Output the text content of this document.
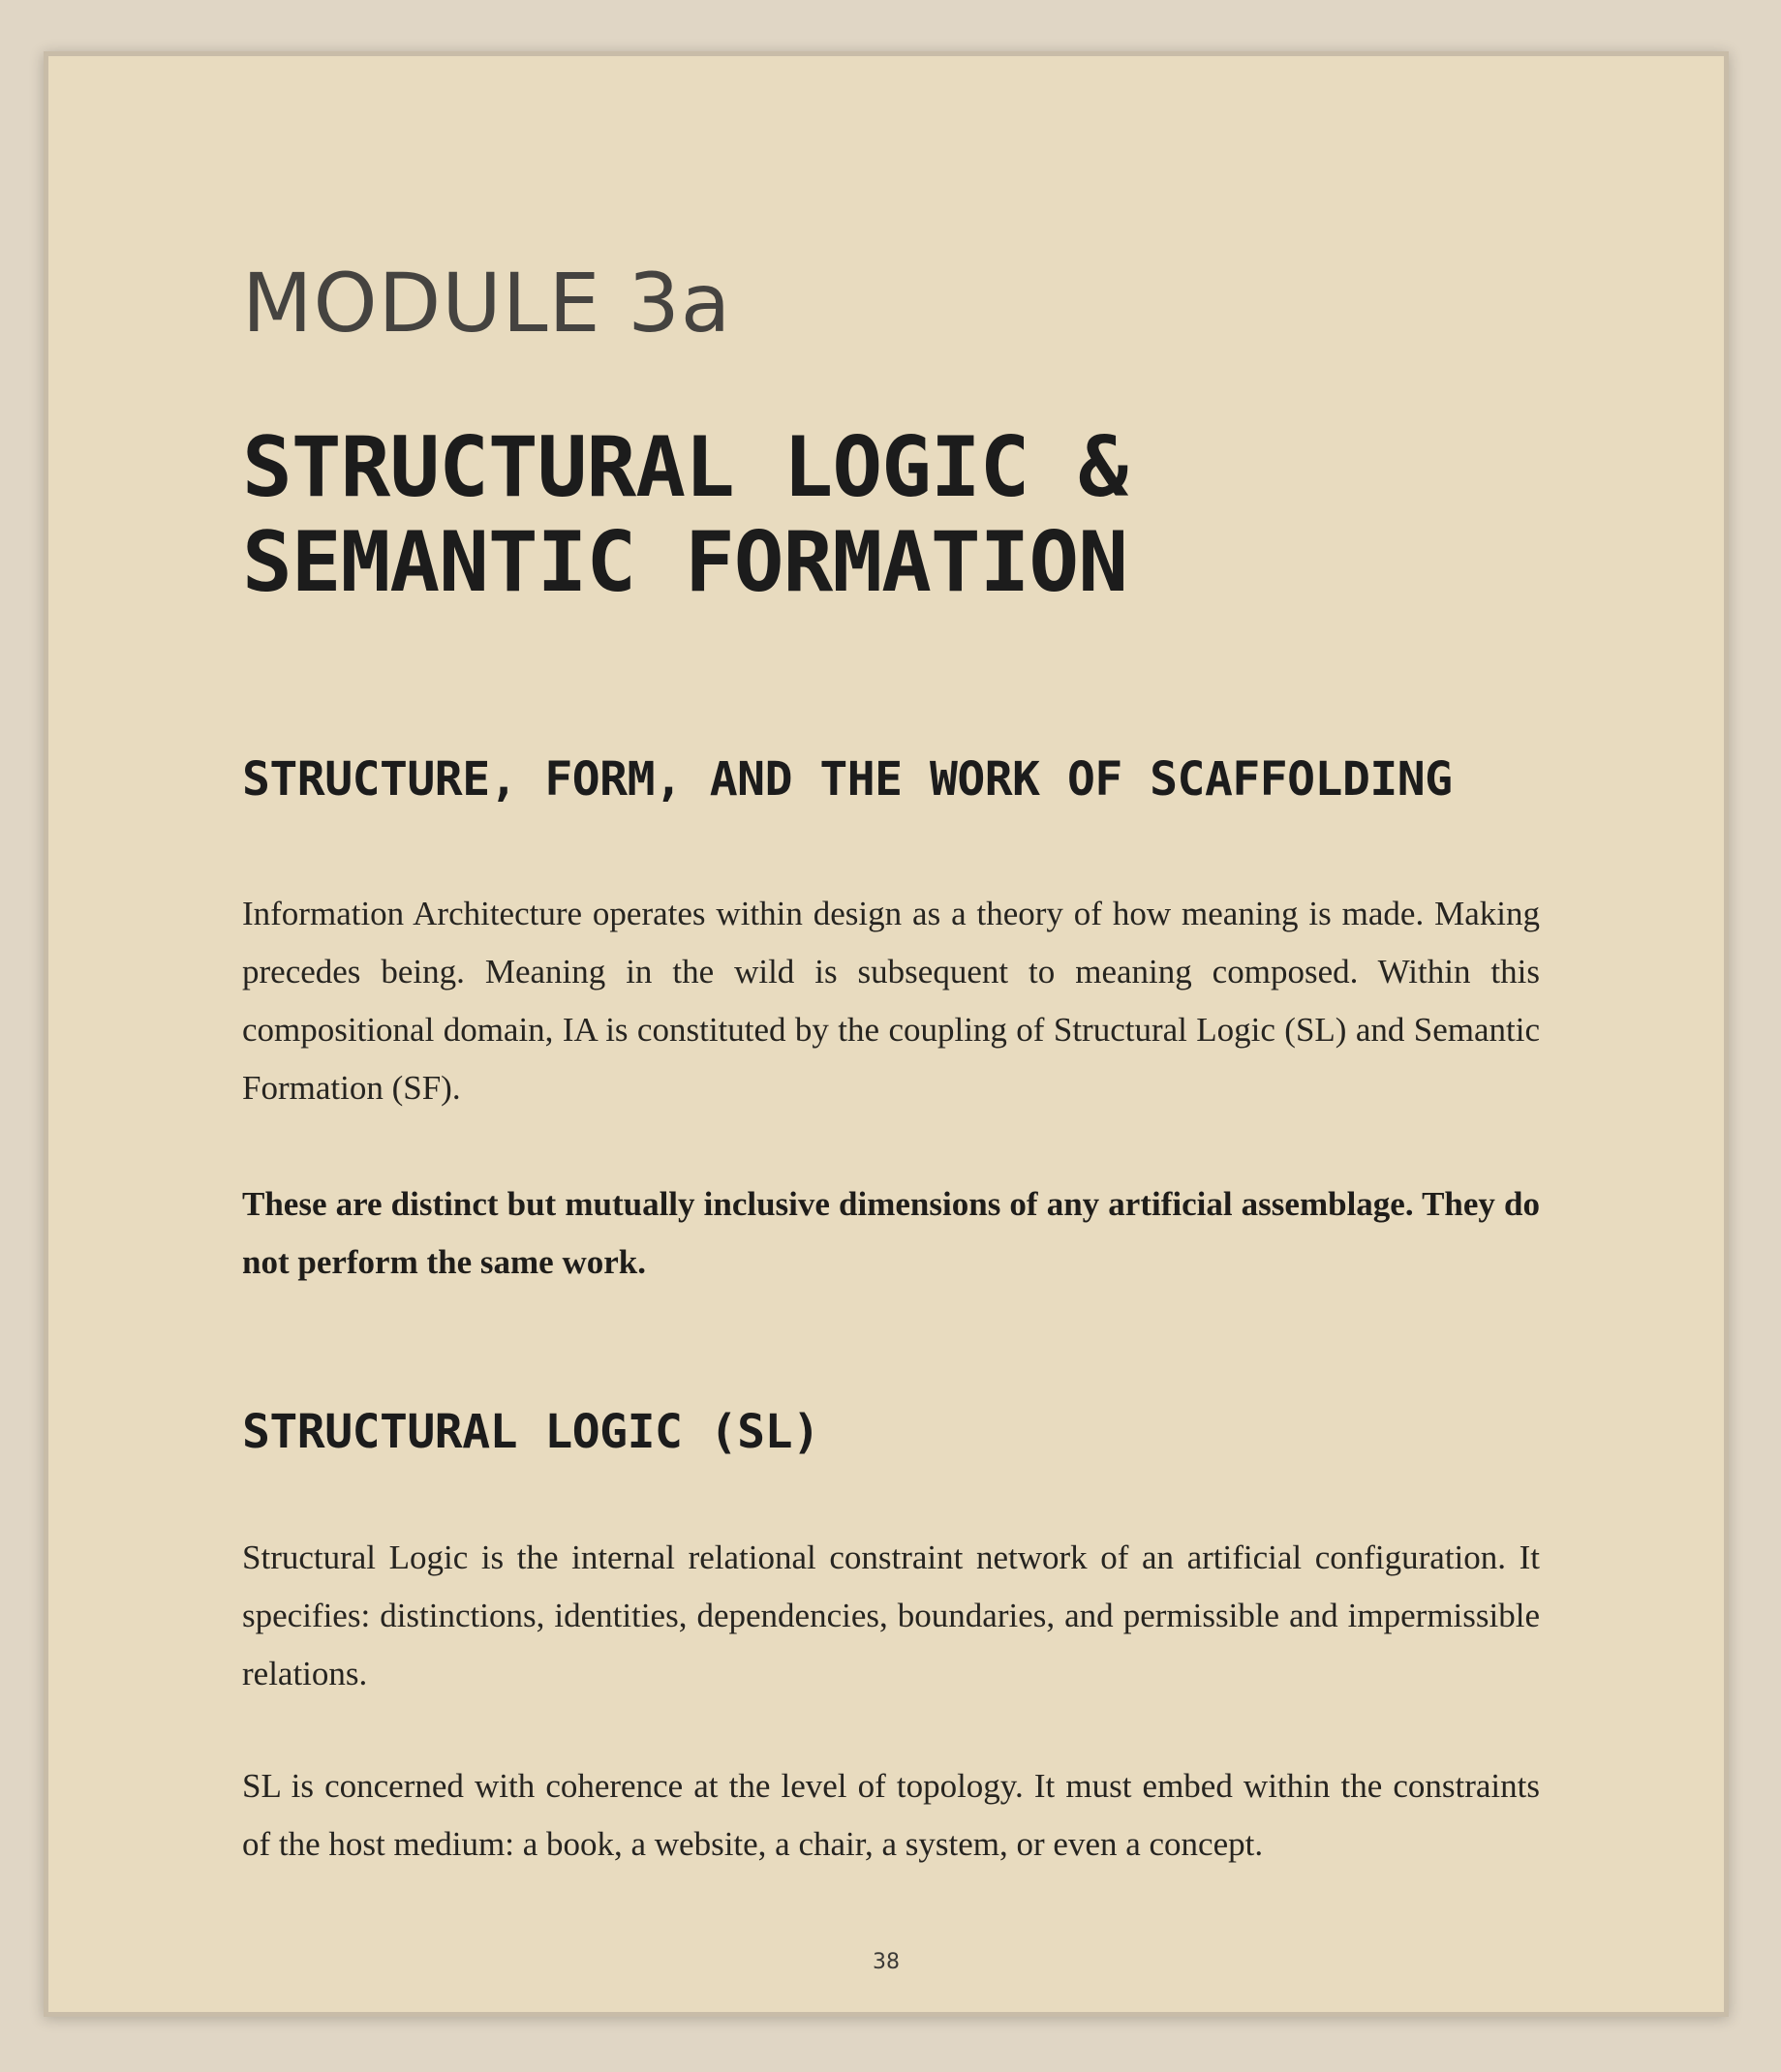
MODULE 3a
STRUCTURAL LOGIC & SEMANTIC FORMATION
STRUCTURE, FORM, AND THE WORK OF SCAFFOLDING

Information Architecture operates within design as a theory of how meaning is made. Making precedes being. Meaning in the wild is subsequent to meaning composed. Within this compositional domain, IA is constituted by the coupling of Structural Logic (SL) and Semantic Formation (SF).

These are distinct but mutually inclusive dimensions of any artificial assemblage. They do not perform the same work.

STRUCTURAL LOGIC (SL)

Structural Logic is the internal relational constraint network of an artificial configuration. It specifies: distinctions, identities, dependencies, boundaries, and permissible and impermissible relations.

SL is concerned with coherence at the level of topology. It must embed within the constraints of the host medium: a book, a website, a chair, a system, or even a concept.

38
